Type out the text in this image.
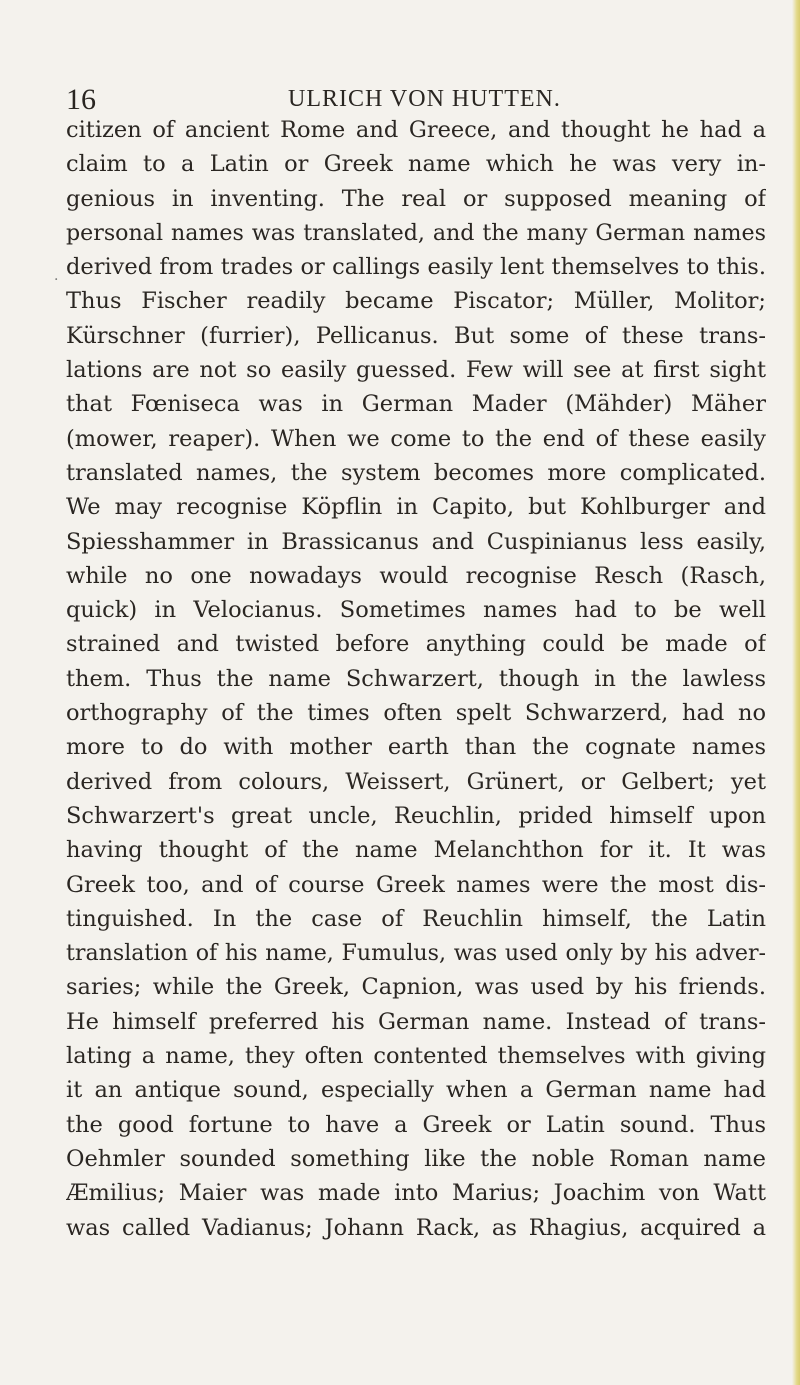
16	ULRICH VON HUTTEN.
·
citizen of ancient Rome and Greece, and thought he had a
claim to a Latin or Greek name which he was very in-
genious in inventing. The real or supposed meaning of
personal names was translated, and the many German names
derived from trades or callings easily lent themselves to this.
Thus Fischer readily became Piscator; Müller, Molitor;
Kürschner (furrier), Pellicanus. But some of these trans-
lations are not so easily guessed. Few will see at first sight
that Fœniseca was in German Mader (Mähder) Mäher
(mower, reaper). When we come to the end of these easily
translated names, the system becomes more complicated.
We may recognise Köpflin in Capito, but Kohlburger and
Spiesshammer in Brassicanus and Cuspinianus less easily,
while no one nowadays would recognise Resch (Rasch,
quick) in Velocianus. Sometimes names had to be well
strained and twisted before anything could be made of
them. Thus the name Schwarzert, though in the lawless
orthography of the times often spelt Schwarzerd, had no
more to do with mother earth than the cognate names
derived from colours, Weissert, Grünert, or Gelbert; yet
Schwarzert's great uncle, Reuchlin, prided himself upon
having thought of the name Melanchthon for it. It was
Greek too, and of course Greek names were the most dis-
tinguished. In the case of Reuchlin himself, the Latin
translation of his name, Fumulus, was used only by his adver-
saries; while the Greek, Capnion, was used by his friends.
He himself preferred his German name. Instead of trans-
lating a name, they often contented themselves with giving
it an antique sound, especially when a German name had
the good fortune to have a Greek or Latin sound. Thus
Oehmler sounded something like the noble Roman name
Æmilius; Maier was made into Marius; Joachim von Watt
was called Vadianus; Johann Rack, as Rhagius, acquired a
